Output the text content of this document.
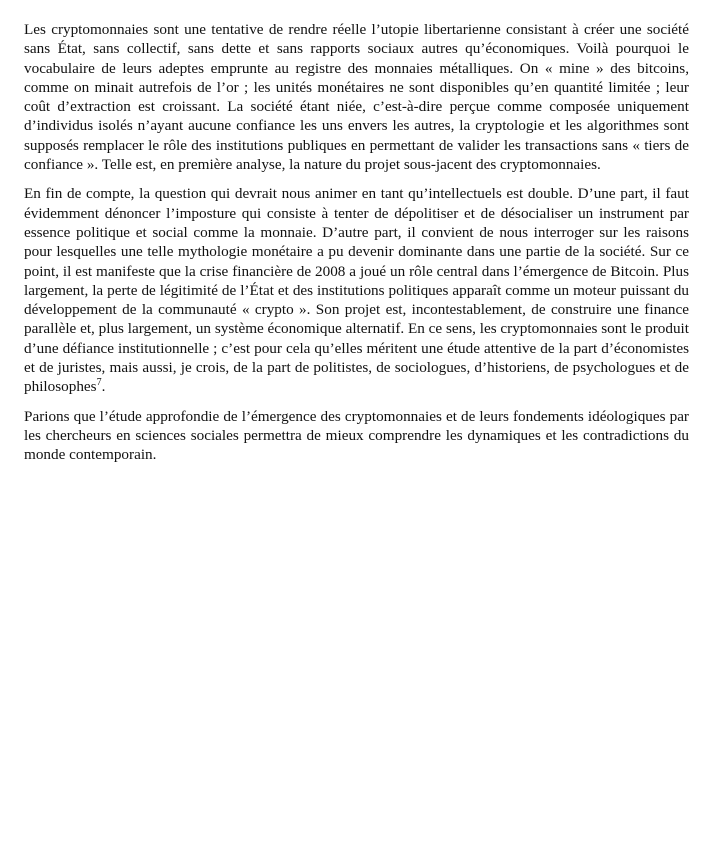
Les cryptomonnaies sont une tentative de rendre réelle l’utopie libertarienne consistant à créer une société sans État, sans collectif, sans dette et sans rapports sociaux autres qu’économiques. Voilà pourquoi le vocabulaire de leurs adeptes emprunte au registre des monnaies métalliques. On « mine » des bitcoins, comme on minait autrefois de l’or ; les unités monétaires ne sont disponibles qu’en quantité limitée ; leur coût d’extraction est croissant. La société étant niée, c’est-à-dire perçue comme composée uniquement d’individus isolés n’ayant aucune confiance les uns envers les autres, la cryptologie et les algorithmes sont supposés remplacer le rôle des institutions publiques en permettant de valider les transactions sans « tiers de confiance ». Telle est, en première analyse, la nature du projet sous-jacent des cryptomonnaies.

En fin de compte, la question qui devrait nous animer en tant qu’intellectuels est double. D’une part, il faut évidemment dénoncer l’imposture qui consiste à tenter de dépolitiser et de désocialiser un instrument par essence politique et social comme la monnaie. D’autre part, il convient de nous interroger sur les raisons pour lesquelles une telle mythologie monétaire a pu devenir dominante dans une partie de la société. Sur ce point, il est manifeste que la crise financière de 2008 a joué un rôle central dans l’émergence de Bitcoin. Plus largement, la perte de légitimité de l’État et des institutions politiques apparaît comme un moteur puissant du développement de la communauté « crypto ». Son projet est, incontestablement, de construire une finance parallèle et, plus largement, un système économique alternatif. En ce sens, les cryptomonnaies sont le produit d’une défiance institutionnelle ; c’est pour cela qu’elles méritent une étude attentive de la part d’économistes et de juristes, mais aussi, je crois, de la part de politistes, de sociologues, d’historiens, de psychologues et de philosophes$^7$.

Parions que l’étude approfondie de l’émergence des cryptomonnaies et de leurs fondements idéologiques par les chercheurs en sciences sociales permettra de mieux comprendre les dynamiques et les contradictions du monde contemporain.
